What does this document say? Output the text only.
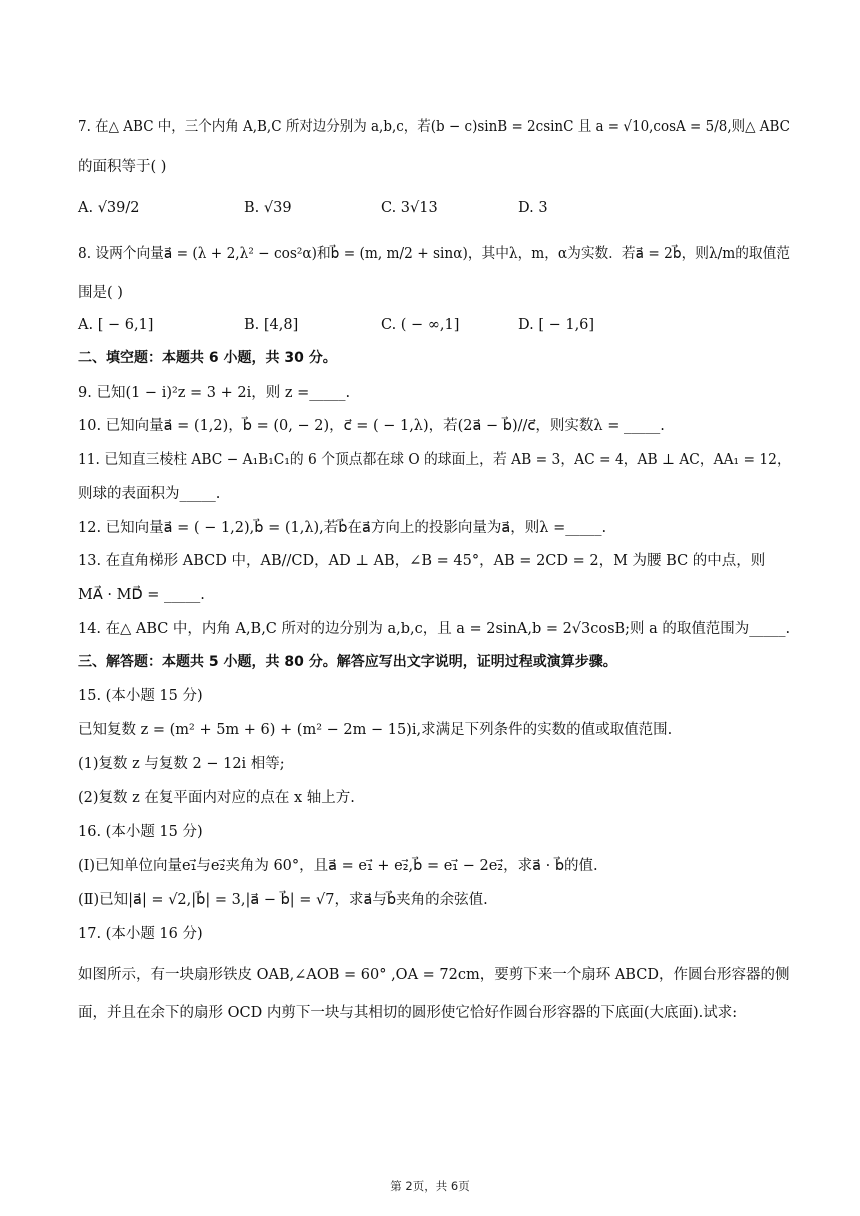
7. 在△ ABC 中，三个内角 A,B,C 所对边分别为 a,b,c，若(b − c)sinB = 2csinC 且 a = √10,cosA = 5/8,则△ ABC
的面积等于( )
A. √39/2	B. √39	C. 3√13	D. 3
8. 设两个向量a⃗ = (λ + 2,λ² − cos²α)和b⃗ = (m, m/2 + sinα)，其中λ，m，α为实数．若a⃗ = 2b⃗，则λ/m的取值范
围是( )
A. [ − 6,1]	B. [4,8]	C. ( − ∞,1]	D. [ − 1,6]
二、填空题：本题共 6 小题，共 30 分。
9. 已知(1 − i)²z = 3 + 2i，则 z =_____.
10. 已知向量a⃗ = (1,2)，b⃗ = (0, − 2)，c⃗ = ( − 1,λ)，若(2a⃗ − b⃗)//c⃗，则实数λ = _____.
11. 已知直三棱柱 ABC − A₁B₁C₁的 6 个顶点都在球 O 的球面上，若 AB = 3，AC = 4，AB ⊥ AC，AA₁ = 12，
则球的表面积为_____.
12. 已知向量a⃗ = ( − 1,2),b⃗ = (1,λ),若b⃗在a⃗方向上的投影向量为a⃗，则λ =_____.
13. 在直角梯形 ABCD 中，AB//CD，AD ⊥ AB，∠B = 45°，AB = 2CD = 2，M 为腰 BC 的中点，则
MA⃗ · MD⃗ = _____.
14. 在△ ABC 中，内角 A,B,C 所对的边分别为 a,b,c，且 a = 2sinA,b = 2√3cosB;则 a 的取值范围为_____.
三、解答题：本题共 5 小题，共 80 分。解答应写出文字说明，证明过程或演算步骤。
15. (本小题 15 分)
已知复数 z = (m² + 5m + 6) + (m² − 2m − 15)i,求满足下列条件的实数的值或取值范围.
(1)复数 z 与复数 2 − 12i 相等;
(2)复数 z 在复平面内对应的点在 x 轴上方.
16. (本小题 15 分)
(Ⅰ)已知单位向量e₁⃗与e₂⃗夹角为 60°，且a⃗ = e₁⃗ + e₂⃗,b⃗ = e₁⃗ − 2e₂⃗，求a⃗ · b⃗的值.
(Ⅱ)已知|a⃗| = √2,|b⃗| = 3,|a⃗ − b⃗| = √7，求a⃗与b⃗夹角的余弦值.
17. (本小题 16 分)
如图所示，有一块扇形铁皮 OAB,∠AOB = 60° ,OA = 72cm，要剪下来一个扇环 ABCD，作圆台形容器的侧
面，并且在余下的扇形 OCD 内剪下一块与其相切的圆形使它恰好作圆台形容器的下底面(大底面).试求:
第 2页，共 6页
